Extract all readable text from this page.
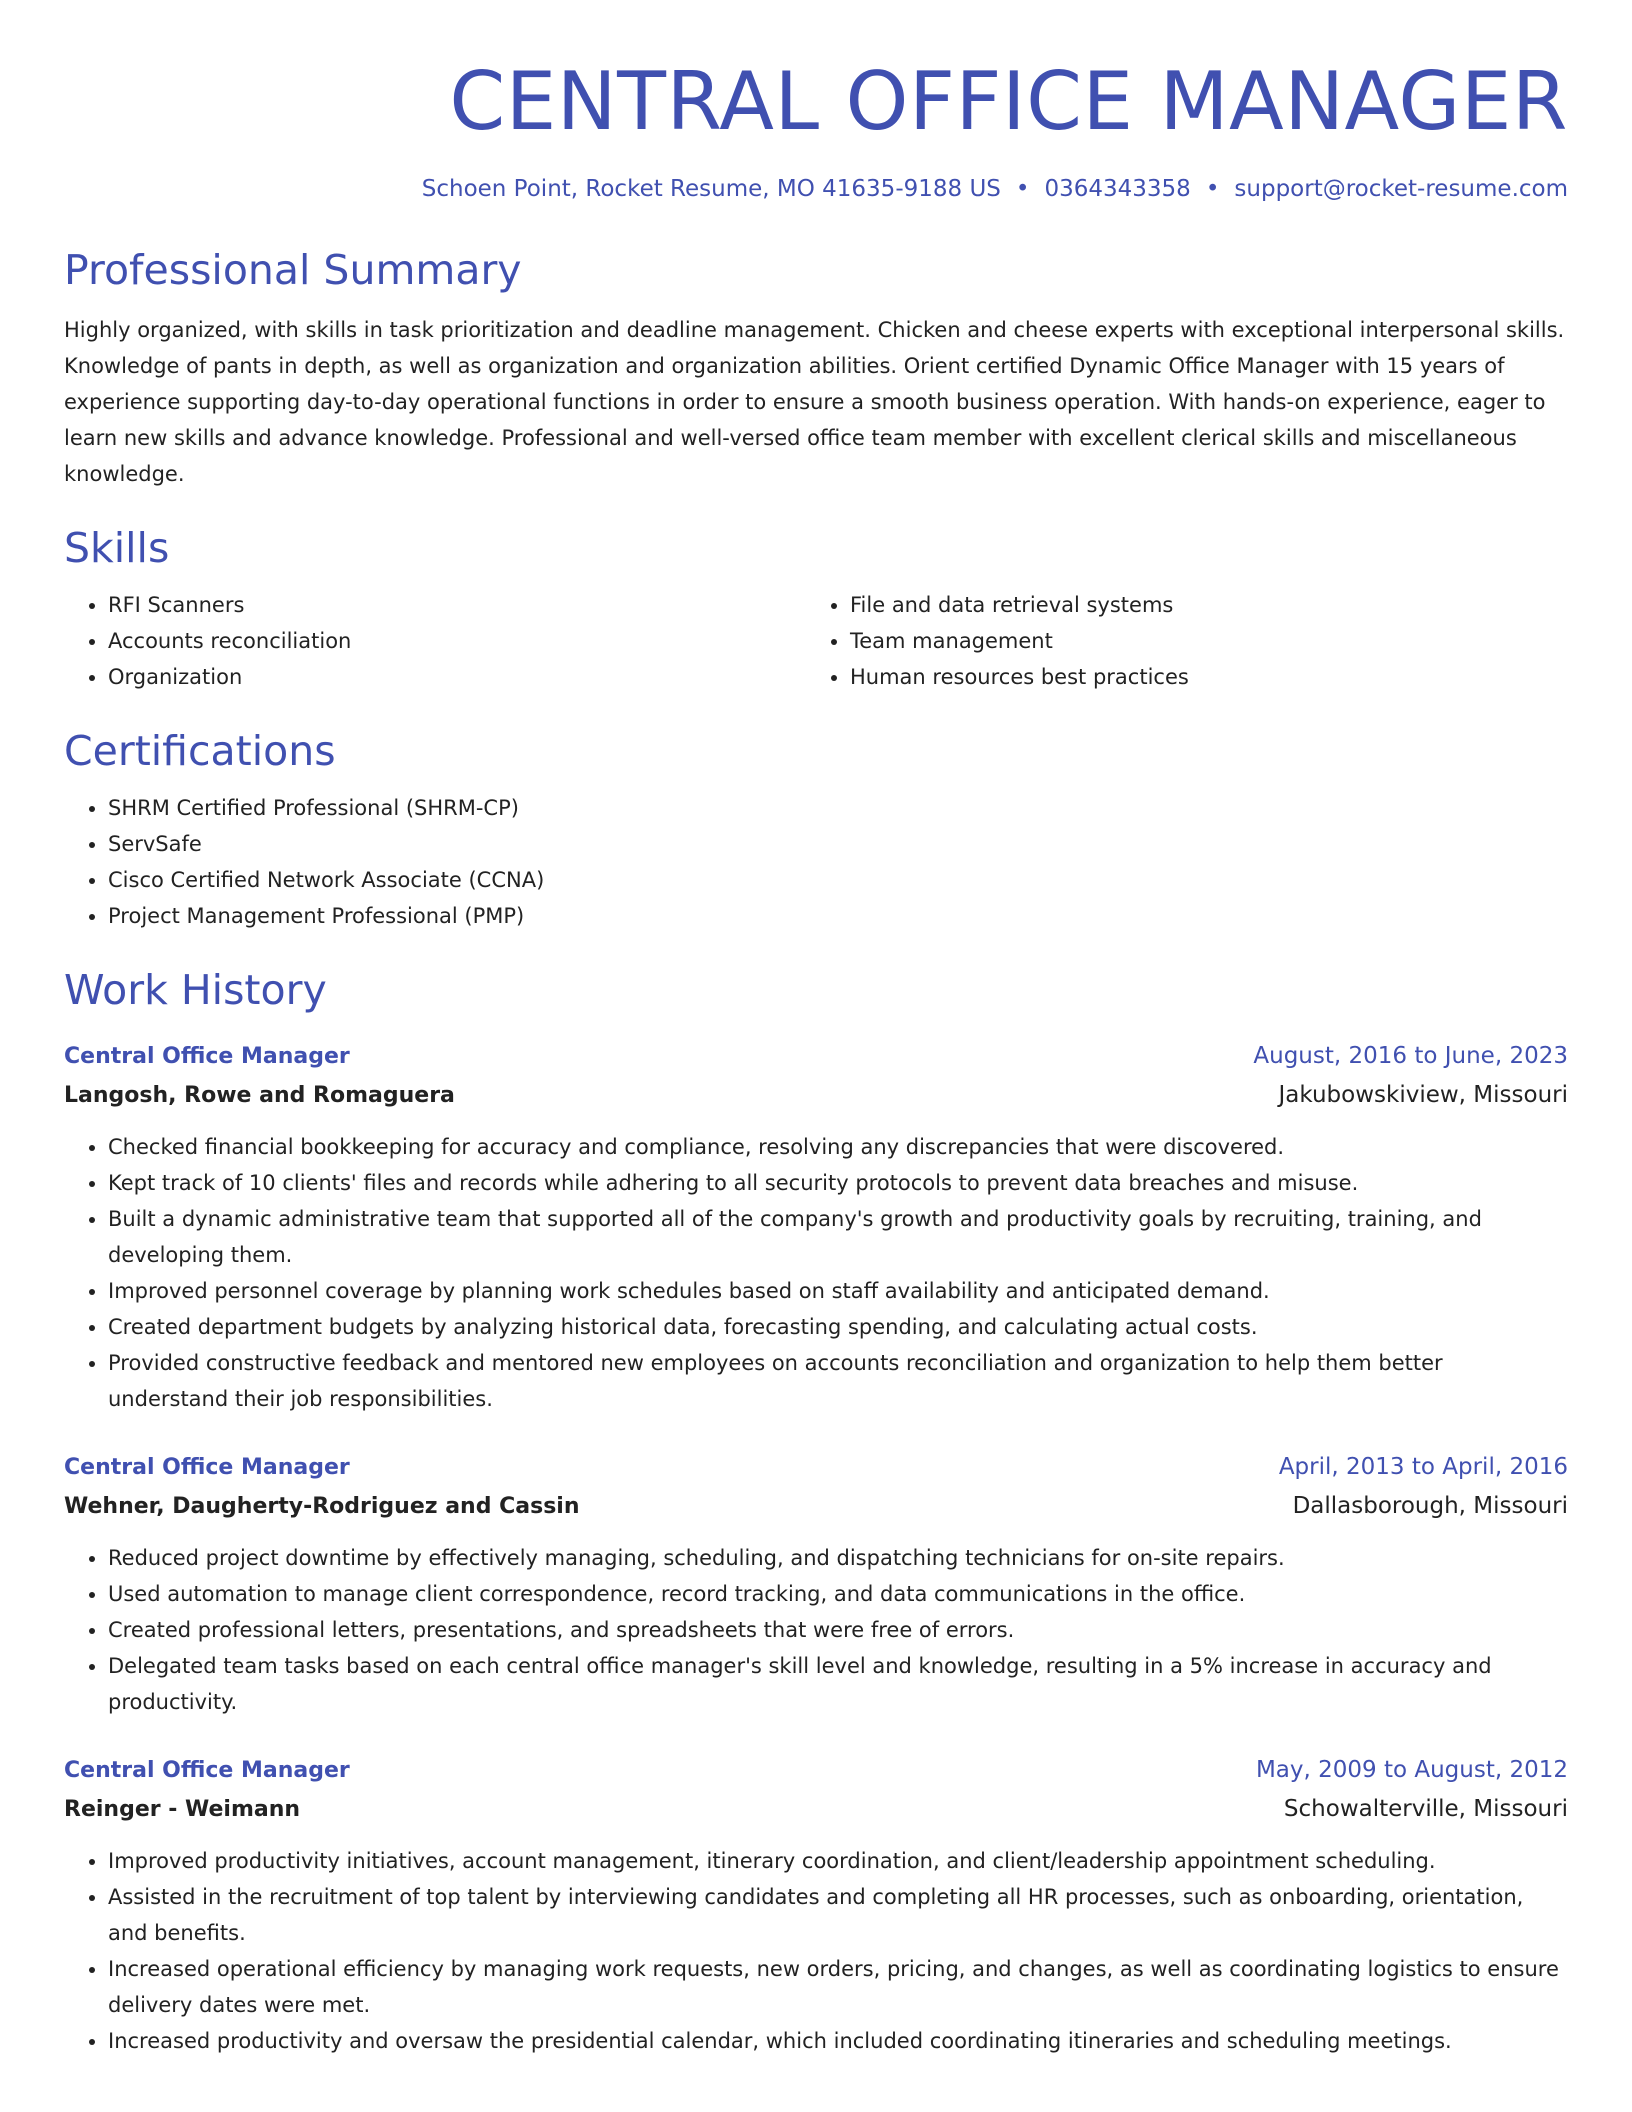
CENTRAL OFFICE MANAGER
Schoen Point, Rocket Resume, MO 41635-9188 US • 0364343358 • support@rocket-resume.com
Professional Summary
Highly organized, with skills in task prioritization and deadline management. Chicken and cheese experts with exceptional interpersonal skills. Knowledge of pants in depth, as well as organization and organization abilities. Orient certified Dynamic Office Manager with 15 years of experience supporting day-to-day operational functions in order to ensure a smooth business operation. With hands-on experience, eager to learn new skills and advance knowledge. Professional and well-versed office team member with excellent clerical skills and miscellaneous knowledge.
Skills
• RFI Scanners
• Accounts reconciliation
• Organization
• File and data retrieval systems
• Team management
• Human resources best practices
Certifications
• SHRM Certified Professional (SHRM-CP)
• ServSafe
• Cisco Certified Network Associate (CCNA)
• Project Management Professional (PMP)
Work History
Central Office Manager	August, 2016 to June, 2023
Langosh, Rowe and Romaguera	Jakubowskiview, Missouri
• Checked financial bookkeeping for accuracy and compliance, resolving any discrepancies that were discovered.
• Kept track of 10 clients' files and records while adhering to all security protocols to prevent data breaches and misuse.
• Built a dynamic administrative team that supported all of the company's growth and productivity goals by recruiting, training, and developing them.
• Improved personnel coverage by planning work schedules based on staff availability and anticipated demand.
• Created department budgets by analyzing historical data, forecasting spending, and calculating actual costs.
• Provided constructive feedback and mentored new employees on accounts reconciliation and organization to help them better understand their job responsibilities.
Central Office Manager	April, 2013 to April, 2016
Wehner, Daugherty-Rodriguez and Cassin	Dallasborough, Missouri
• Reduced project downtime by effectively managing, scheduling, and dispatching technicians for on-site repairs.
• Used automation to manage client correspondence, record tracking, and data communications in the office.
• Created professional letters, presentations, and spreadsheets that were free of errors.
• Delegated team tasks based on each central office manager's skill level and knowledge, resulting in a 5% increase in accuracy and productivity.
Central Office Manager	May, 2009 to August, 2012
Reinger - Weimann	Schowalterville, Missouri
• Improved productivity initiatives, account management, itinerary coordination, and client/leadership appointment scheduling.
• Assisted in the recruitment of top talent by interviewing candidates and completing all HR processes, such as onboarding, orientation, and benefits.
• Increased operational efficiency by managing work requests, new orders, pricing, and changes, as well as coordinating logistics to ensure delivery dates were met.
• Increased productivity and oversaw the presidential calendar, which included coordinating itineraries and scheduling meetings.
